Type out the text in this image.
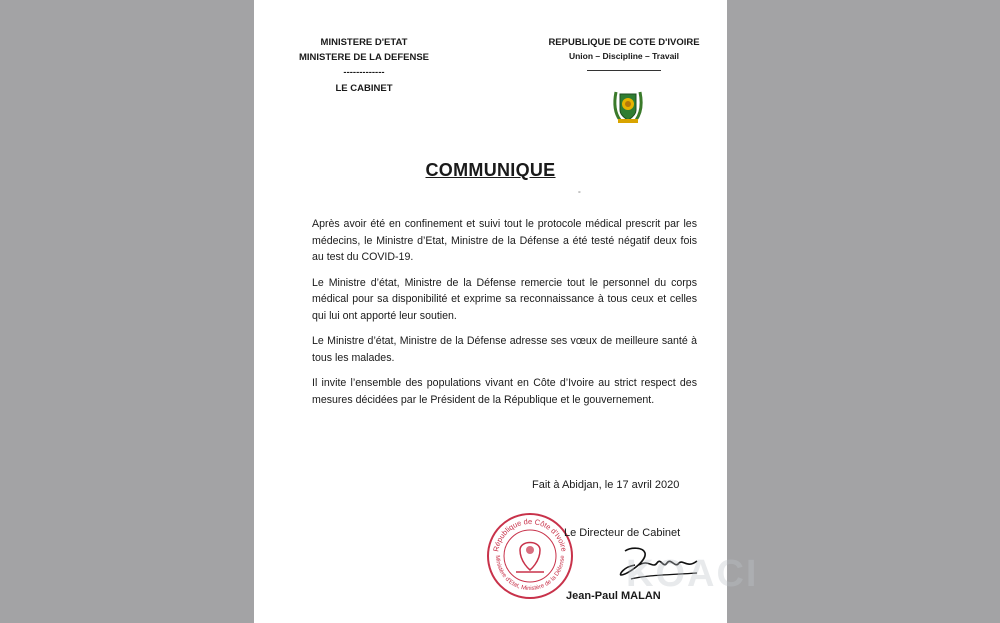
MINISTERE D'ETAT
MINISTERE DE LA DEFENSE
-------------
LE CABINET
REPUBLIQUE DE COTE D'IVOIRE
Union – Discipline – Travail
COMMUNIQUE
°

Après avoir été en confinement et suivi tout le protocole médical prescrit par les médecins, le Ministre d’Etat, Ministre de la Défense a été testé négatif deux fois au test du COVID-19.

Le Ministre d’état, Ministre de la Défense remercie tout le personnel du corps médical pour sa disponibilité et exprime sa reconnaissance à tous ceux et celles qui lui ont apporté leur soutien.

Le Ministre d’état, Ministre de la Défense adresse ses vœux de meilleure santé à tous les malades.

Il invite l’ensemble des populations vivant en Côte d’Ivoire au strict respect des mesures décidées par le Président de la République et le gouvernement.

Fait à Abidjan, le 17 avril 2020
République de Côte d'Ivoire
Ministère d'Etat, Ministère de la Défense
Le Directeur de Cabinet
Jean-Paul MALAN
KOACI
